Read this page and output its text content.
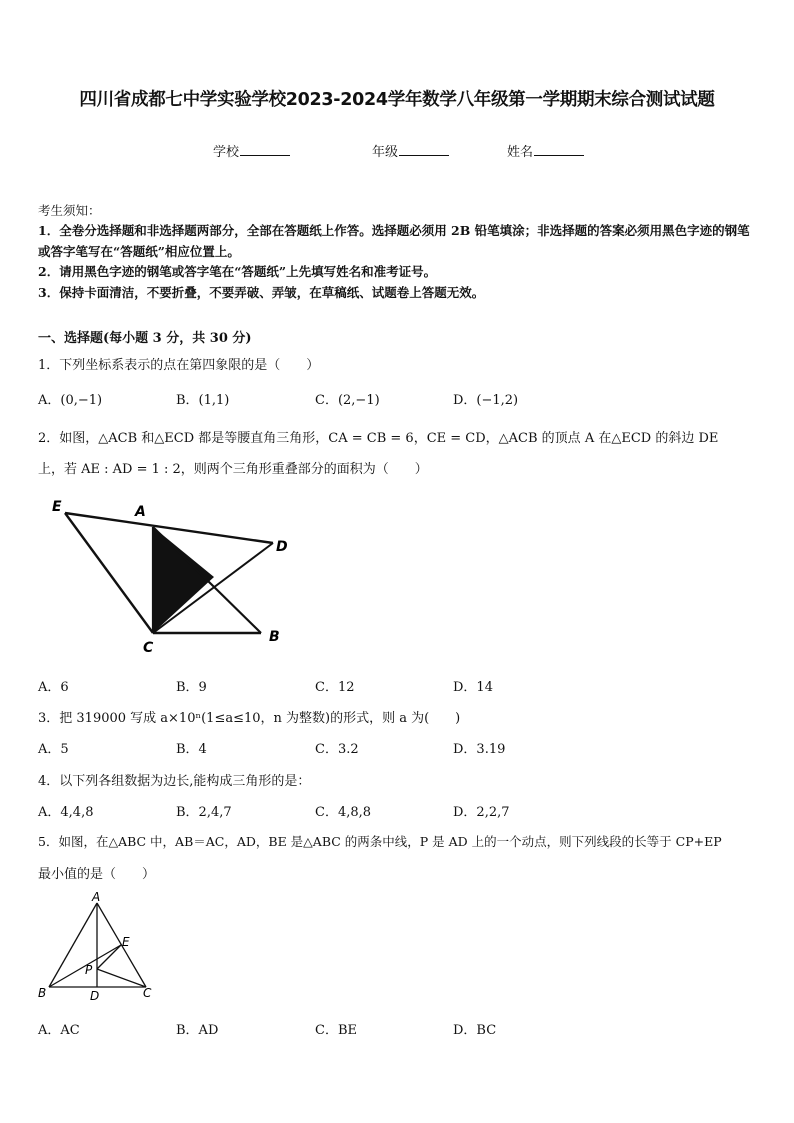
四川省成都七中学实验学校2023-2024学年数学八年级第一学期期末综合测试试题
学校	年级	姓名
考生须知：
1．全卷分选择题和非选择题两部分，全部在答题纸上作答。选择题必须用 2B 铅笔填涂；非选择题的答案必须用黑色字迹的钢笔或答字笔写在“答题纸”相应位置上。
2．请用黑色字迹的钢笔或答字笔在“答题纸”上先填写姓名和准考证号。
3．保持卡面清洁，不要折叠，不要弄破、弄皱，在草稿纸、试题卷上答题无效。
一、选择题(每小题 3 分，共 30 分)
1．下列坐标系表示的点在第四象限的是（　　）
A．(0,−1)	B．(1,1)	C．(2,−1)	D．(−1,2)
2．如图，△ACB 和△ECD 都是等腰直角三角形，CA = CB = 6，CE = CD，△ACB 的顶点 A 在△ECD 的斜边 DE
上，若 AE : AD = 1 : 2，则两个三角形重叠部分的面积为（　　）
E	A
D
C
B
A．6	B．9	C．12	D．14
3．把 319000 写成 a×10ⁿ(1≤a≤10，n 为整数)的形式，则 a 为(　　)
A．5	B．4	C．3.2	D．3.19
4．以下列各组数据为边长,能构成三角形的是：
A．4,4,8	B．2,4,7	C．4,8,8	D．2,2,7
5．如图，在△ABC 中，AB＝AC，AD，BE 是△ABC 的两条中线，P 是 AD 上的一个动点，则下列线段的长等于 CP+EP
最小值的是（　　）
A
E
P
B	D	C
A．AC	B．AD	C．BE	D．BC
